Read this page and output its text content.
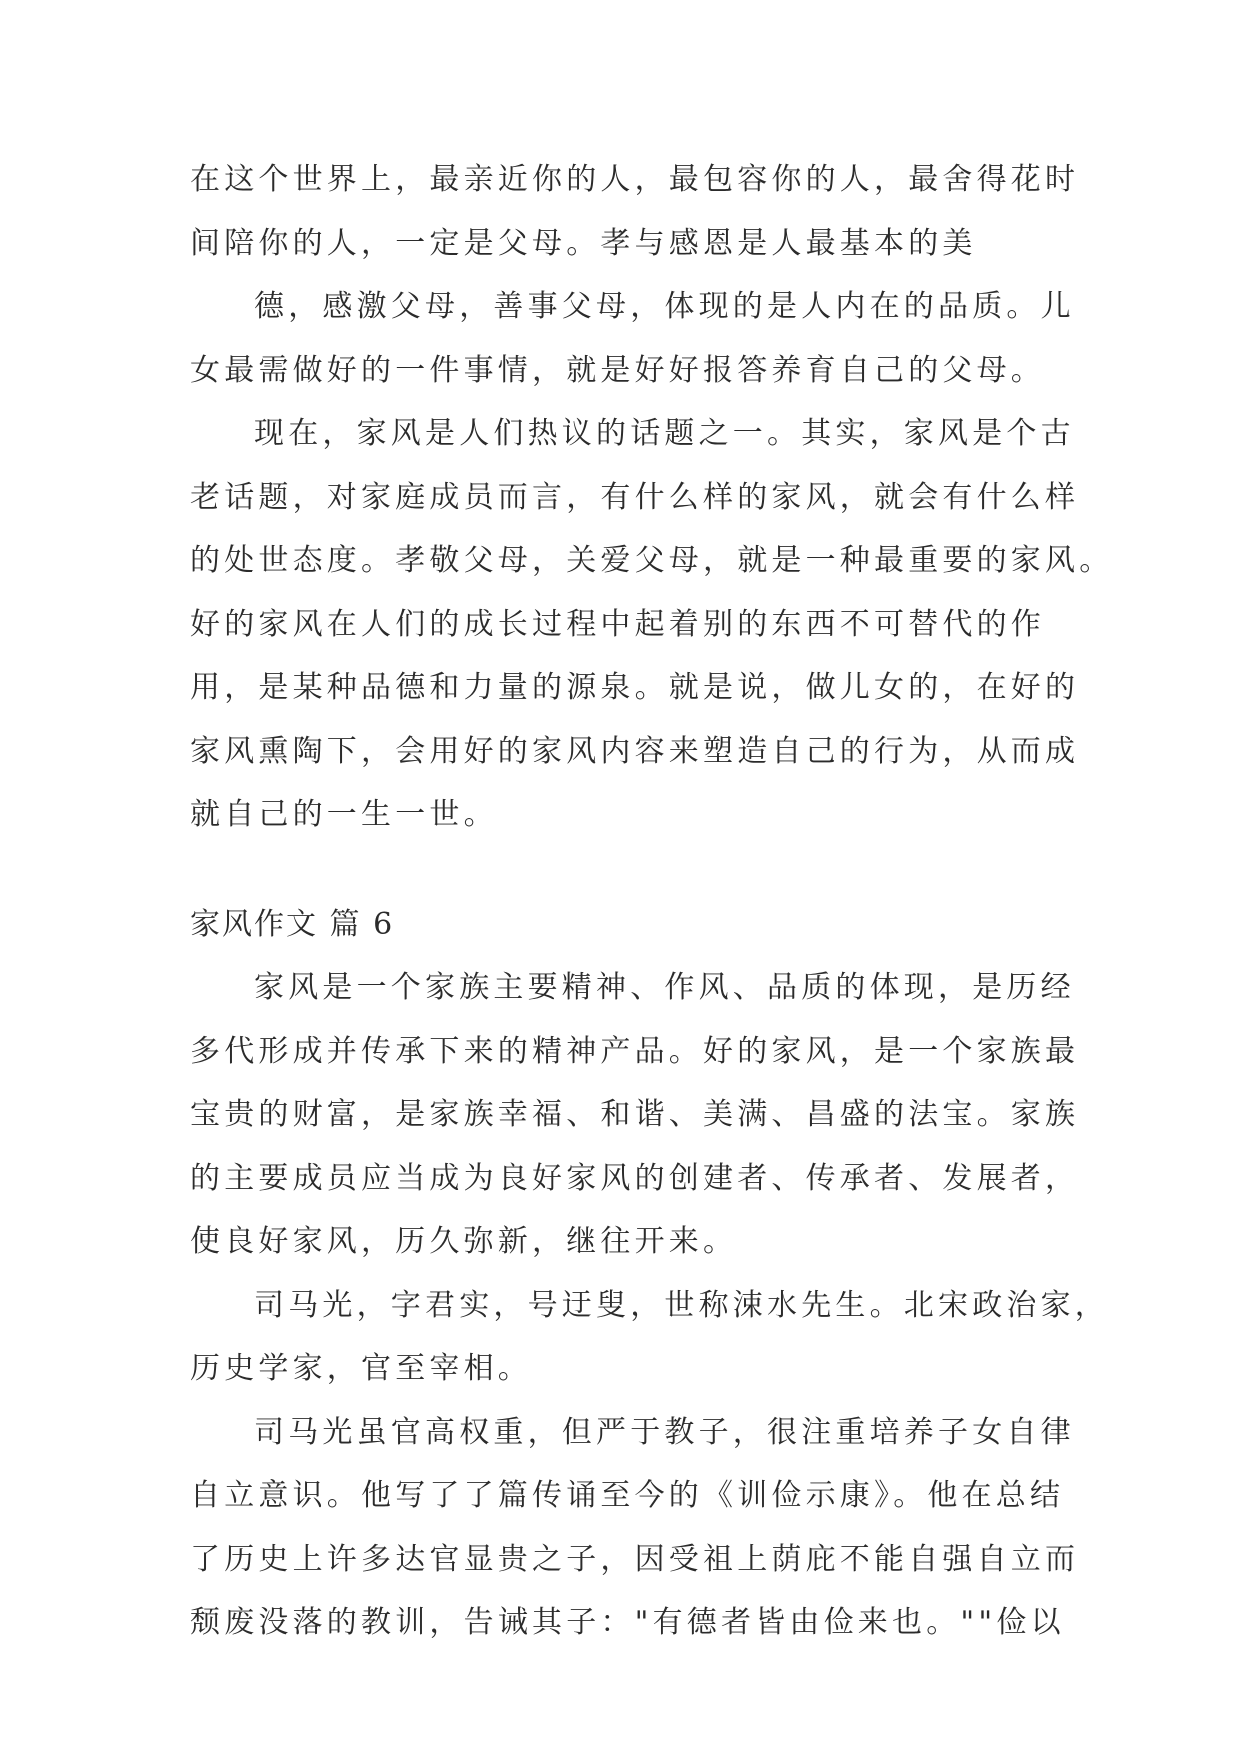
在这个世界上，最亲近你的人，最包容你的人，最舍得花时
间陪你的人，一定是父母。孝与感恩是人最基本的美
德，感激父母，善事父母，体现的是人内在的品质。儿
女最需做好的一件事情，就是好好报答养育自己的父母。
现在，家风是人们热议的话题之一。其实，家风是个古
老话题，对家庭成员而言，有什么样的家风，就会有什么样
的处世态度。孝敬父母，关爱父母，就是一种最重要的家风。
好的家风在人们的成长过程中起着别的东西不可替代的作
用，是某种品德和力量的源泉。就是说，做儿女的，在好的
家风熏陶下，会用好的家风内容来塑造自己的行为，从而成
就自己的一生一世。
家风作文 篇 6
家风是一个家族主要精神、作风、品质的体现，是历经
多代形成并传承下来的精神产品。好的家风，是一个家族最
宝贵的财富，是家族幸福、和谐、美满、昌盛的法宝。家族
的主要成员应当成为良好家风的创建者、传承者、发展者，
使良好家风，历久弥新，继往开来。
司马光，字君实，号迂叟，世称涑水先生。北宋政治家，
历史学家，官至宰相。
司马光虽官高权重，但严于教子，很注重培养子女自律
自立意识。他写了了篇传诵至今的《训俭示康》。他在总结
了历史上许多达官显贵之子，因受祖上荫庇不能自强自立而
颓废没落的教训，告诫其子："有德者皆由俭来也。""俭以
